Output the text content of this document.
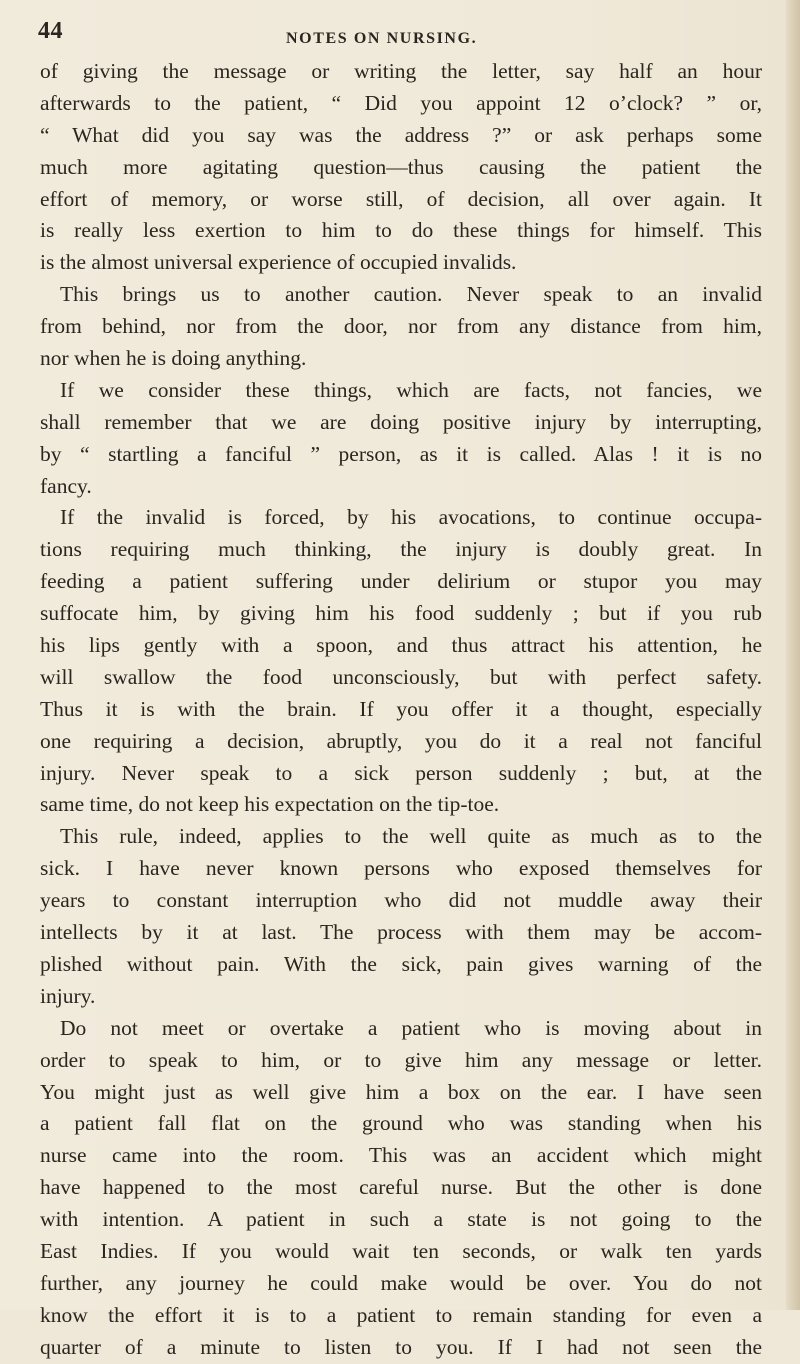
44	NOTES ON NURSING.
of giving the message or writing the letter, say half an hour
afterwards to the patient, “ Did you appoint 12 o’clock? ” or,
“ What did you say was the address ?” or ask perhaps some
much more agitating question—thus causing the patient the
effort of memory, or worse still, of decision, all over again. It
is really less exertion to him to do these things for himself. This
is the almost universal experience of occupied invalids.
This brings us to another caution. Never speak to an invalid
from behind, nor from the door, nor from any distance from him,
nor when he is doing anything.
If we consider these things, which are facts, not fancies, we
shall remember that we are doing positive injury by interrupting,
by “ startling a fanciful ” person, as it is called. Alas ! it is no
fancy.
If the invalid is forced, by his avocations, to continue occupa-
tions requiring much thinking, the injury is doubly great. In
feeding a patient suffering under delirium or stupor you may
suffocate him, by giving him his food suddenly ; but if you rub
his lips gently with a spoon, and thus attract his attention, he
will swallow the food unconsciously, but with perfect safety.
Thus it is with the brain. If you offer it a thought, especially
one requiring a decision, abruptly, you do it a real not fanciful
injury. Never speak to a sick person suddenly ; but, at the
same time, do not keep his expectation on the tip-toe.
This rule, indeed, applies to the well quite as much as to the
sick. I have never known persons who exposed themselves for
years to constant interruption who did not muddle away their
intellects by it at last. The process with them may be accom-
plished without pain. With the sick, pain gives warning of the
injury.
Do not meet or overtake a patient who is moving about in
order to speak to him, or to give him any message or letter.
You might just as well give him a box on the ear. I have seen
a patient fall flat on the ground who was standing when his
nurse came into the room. This was an accident which might
have happened to the most careful nurse. But the other is done
with intention. A patient in such a state is not going to the
East Indies. If you would wait ten seconds, or walk ten yards
further, any journey he could make would be over. You do not
know the effort it is to a patient to remain standing for even a
quarter of a minute to listen to you. If I had not seen the
